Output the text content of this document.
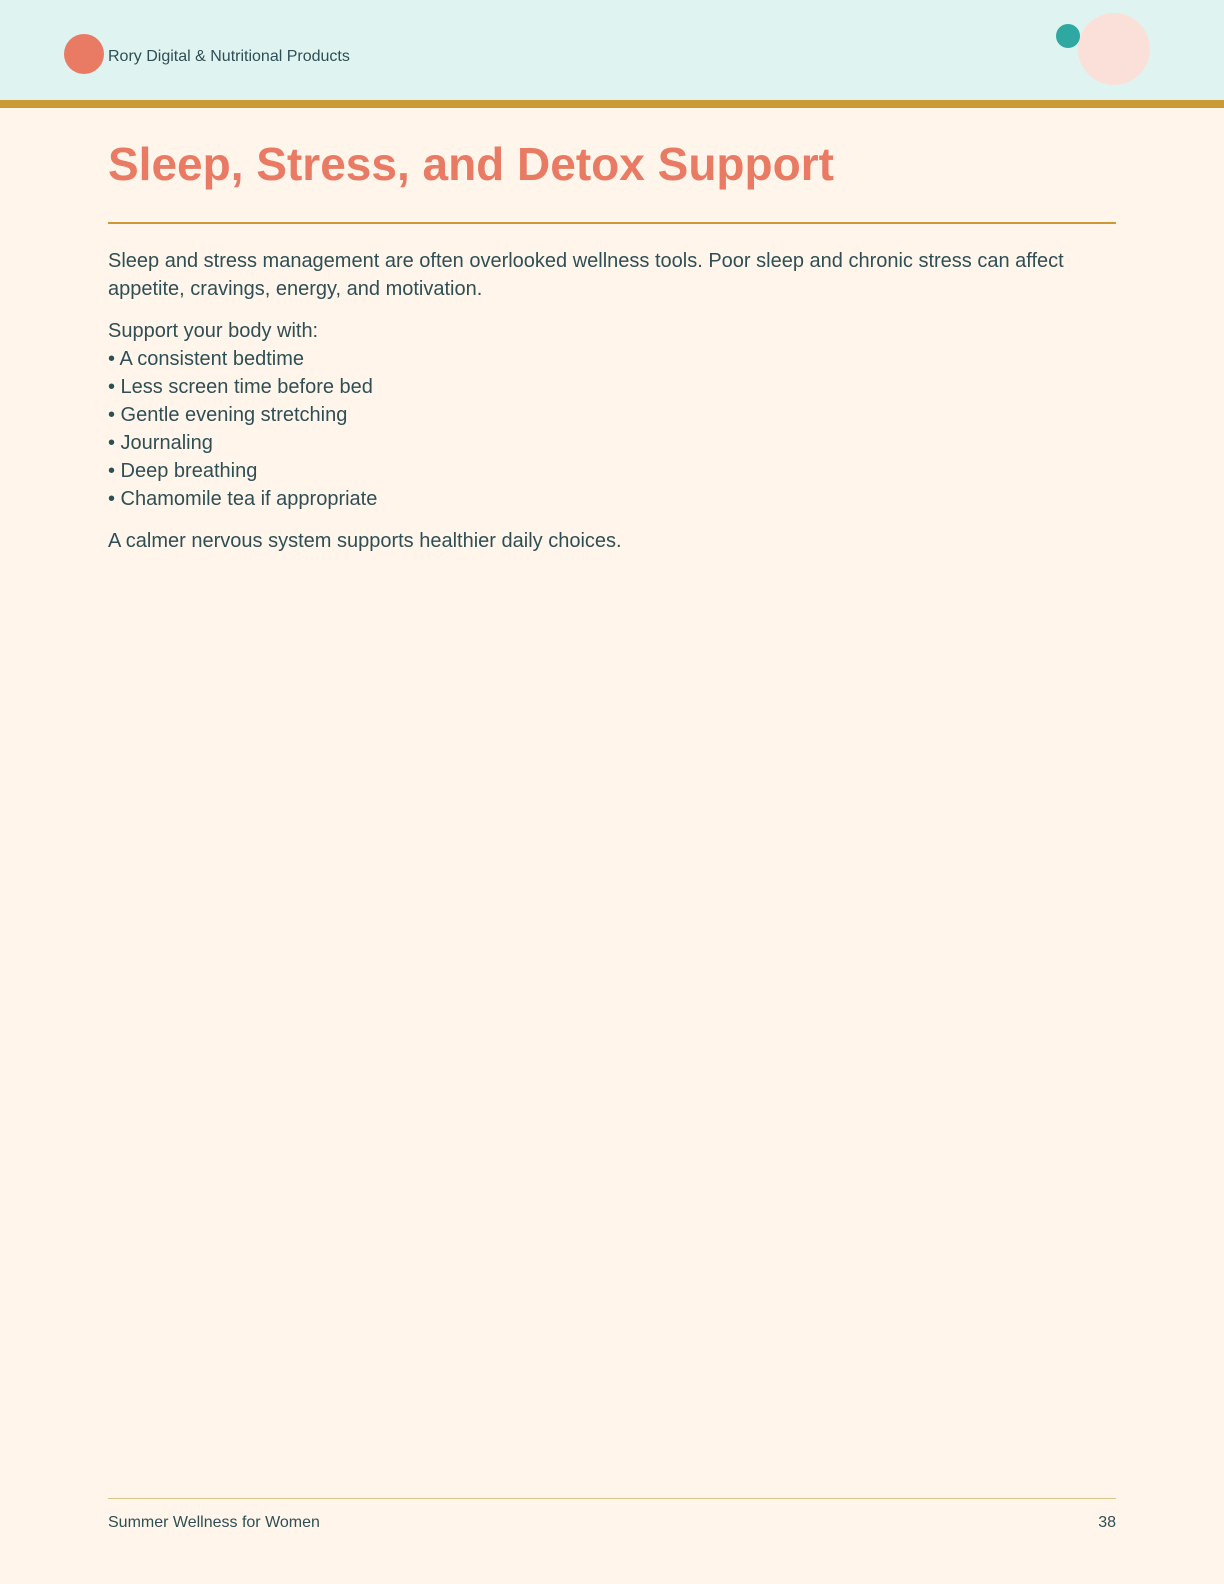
Rory Digital & Nutritional Products
Sleep, Stress, and Detox Support

Sleep and stress management are often overlooked wellness tools. Poor sleep and chronic stress can affect appetite, cravings, energy, and motivation.

Support your body with:

• A consistent bedtime
• Less screen time before bed
• Gentle evening stretching
• Journaling
• Deep breathing
• Chamomile tea if appropriate

A calmer nervous system supports healthier daily choices.

Summer Wellness for Women	38
